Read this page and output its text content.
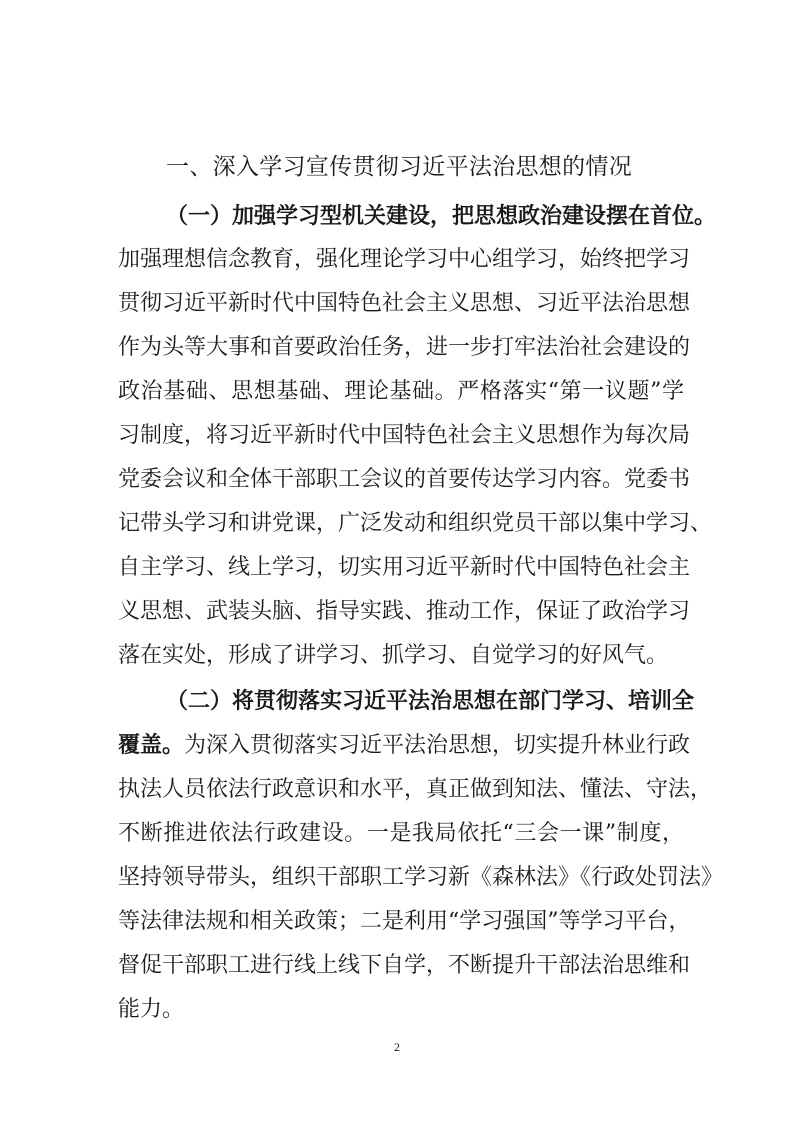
一、深入学习宣传贯彻习近平法治思想的情况
（一）加强学习型机关建设，把思想政治建设摆在首位。
加强理想信念教育，强化理论学习中心组学习，始终把学习
贯彻习近平新时代中国特色社会主义思想、习近平法治思想
作为头等大事和首要政治任务，进一步打牢法治社会建设的
政治基础、思想基础、理论基础。严格落实“第一议题”学
习制度，将习近平新时代中国特色社会主义思想作为每次局
党委会议和全体干部职工会议的首要传达学习内容。党委书
记带头学习和讲党课，广泛发动和组织党员干部以集中学习、
自主学习、线上学习，切实用习近平新时代中国特色社会主
义思想、武装头脑、指导实践、推动工作，保证了政治学习
落在实处，形成了讲学习、抓学习、自觉学习的好风气。
（二）将贯彻落实习近平法治思想在部门学习、培训全
覆盖。为深入贯彻落实习近平法治思想，切实提升林业行政
执法人员依法行政意识和水平，真正做到知法、懂法、守法，
不断推进依法行政建设。一是我局依托“三会一课”制度，
坚持领导带头，组织干部职工学习新《森林法》《行政处罚法》
等法律法规和相关政策；二是利用“学习强国”等学习平台，
督促干部职工进行线上线下自学，不断提升干部法治思维和
能力。
2
